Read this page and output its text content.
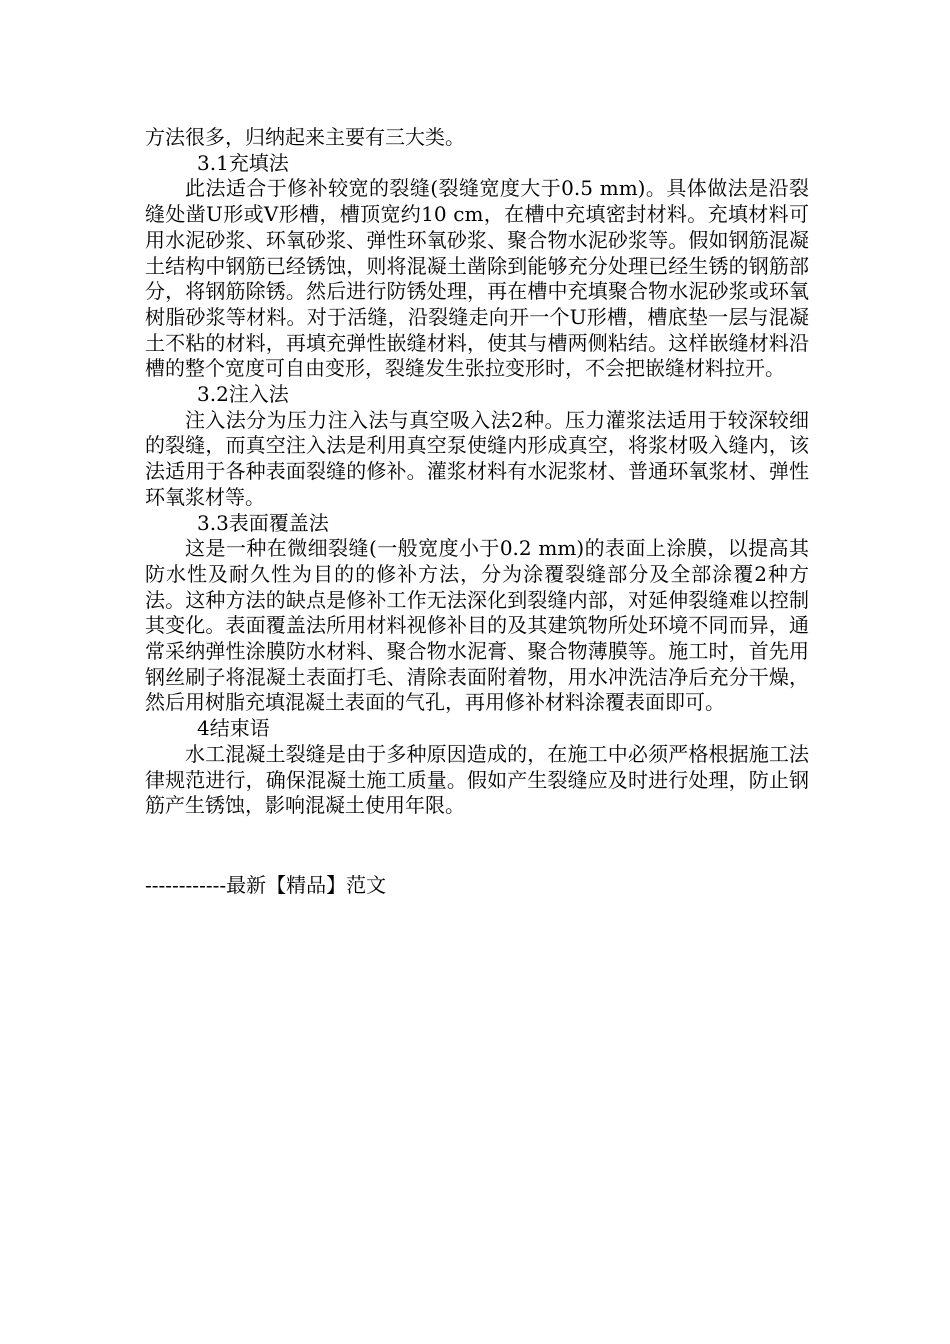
方法很多，归纳起来主要有三大类。

3.1充填法

此法适合于修补较宽的裂缝(裂缝宽度大于0.5 mm)。具体做法是沿裂缝处凿U形或V形槽，槽顶宽约10 cm，在槽中充填密封材料。充填材料可用水泥砂浆、环氧砂浆、弹性环氧砂浆、聚合物水泥砂浆等。假如钢筋混凝土结构中钢筋已经锈蚀，则将混凝土凿除到能够充分处理已经生锈的钢筋部分，将钢筋除锈。然后进行防锈处理，再在槽中充填聚合物水泥砂浆或环氧树脂砂浆等材料。对于活缝，沿裂缝走向开一个U形槽，槽底垫一层与混凝土不粘的材料，再填充弹性嵌缝材料，使其与槽两侧粘结。这样嵌缝材料沿槽的整个宽度可自由变形，裂缝发生张拉变形时，不会把嵌缝材料拉开。

3.2注入法

注入法分为压力注入法与真空吸入法2种。压力灌浆法适用于较深较细的裂缝，而真空注入法是利用真空泵使缝内形成真空，将浆材吸入缝内，该法适用于各种表面裂缝的修补。灌浆材料有水泥浆材、普通环氧浆材、弹性环氧浆材等。

3.3表面覆盖法

这是一种在微细裂缝(一般宽度小于0.2 mm)的表面上涂膜，以提高其防水性及耐久性为目的的修补方法，分为涂覆裂缝部分及全部涂覆2种方法。这种方法的缺点是修补工作无法深化到裂缝内部，对延伸裂缝难以控制其变化。表面覆盖法所用材料视修补目的及其建筑物所处环境不同而异，通常采纳弹性涂膜防水材料、聚合物水泥膏、聚合物薄膜等。施工时，首先用钢丝刷子将混凝土表面打毛、清除表面附着物，用水冲洗洁净后充分干燥，然后用树脂充填混凝土表面的气孔，再用修补材料涂覆表面即可。

4结束语

水工混凝土裂缝是由于多种原因造成的，在施工中必须严格根据施工法律规范进行，确保混凝土施工质量。假如产生裂缝应及时进行处理，防止钢筋产生锈蚀，影响混凝土使用年限。

------------最新【精品】范文
